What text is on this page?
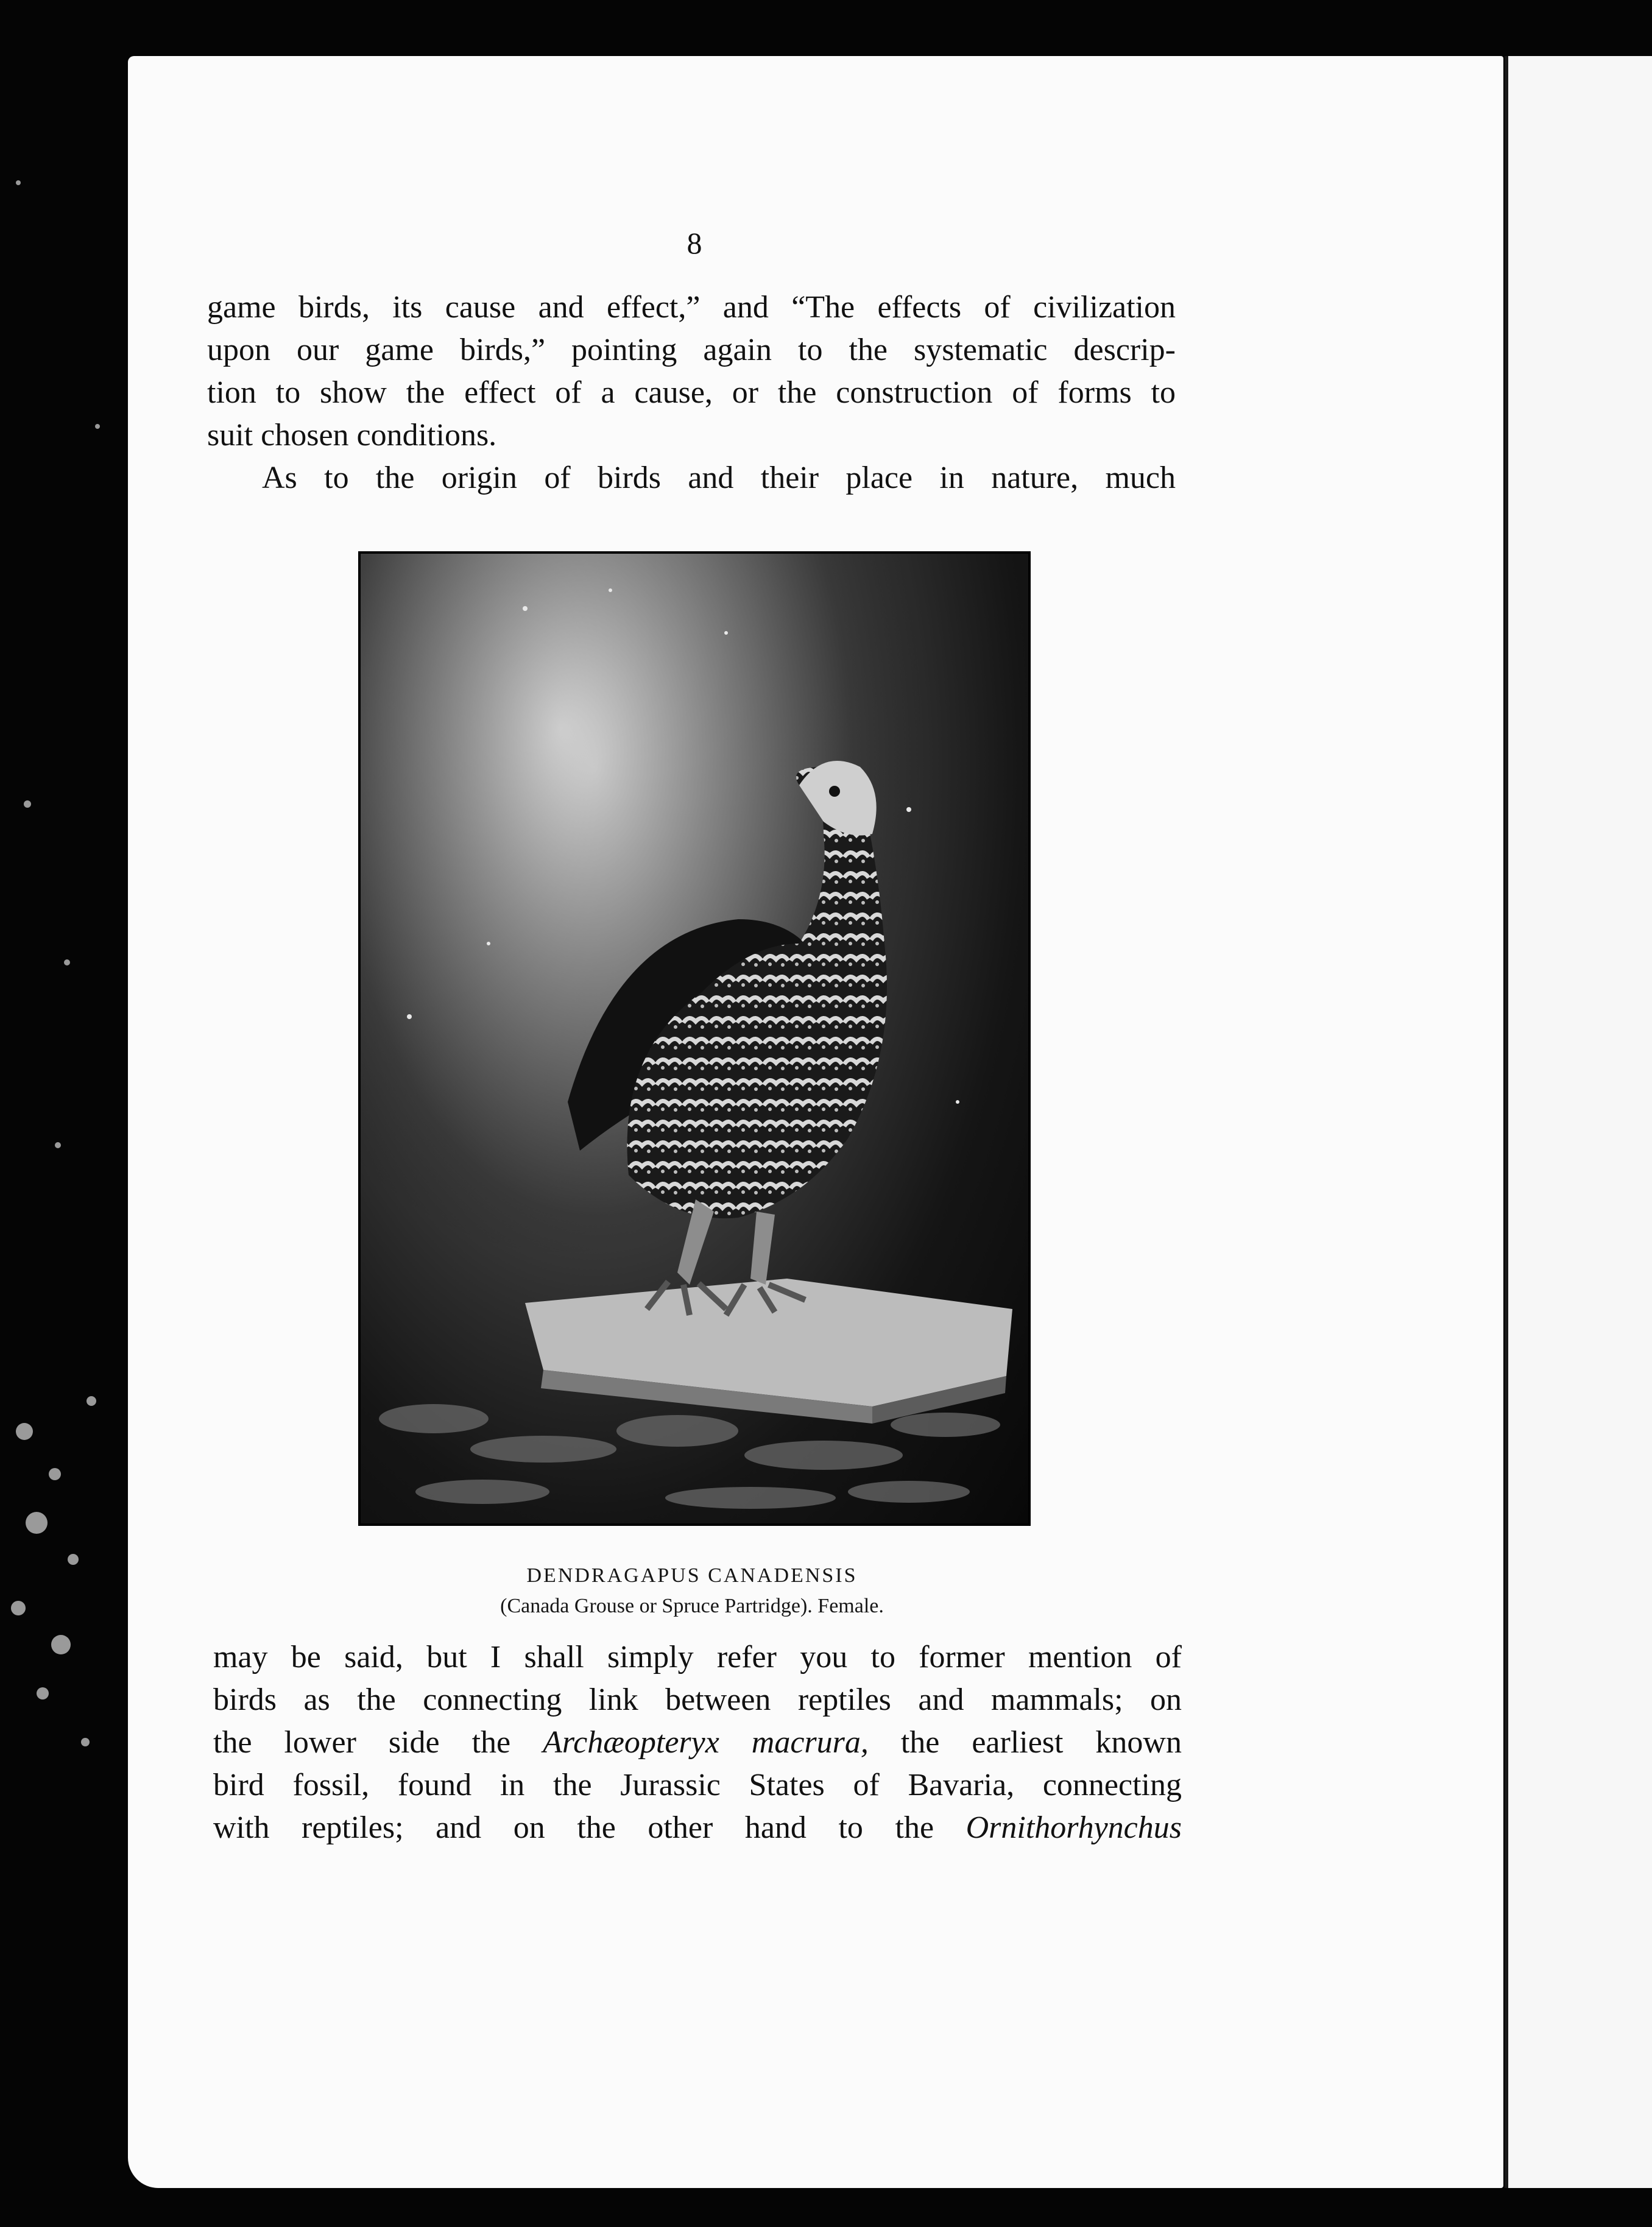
8

game birds, its cause and effect,” and “The effects of civilization
upon our game birds,” pointing again to the systematic descrip-
tion to show the effect of a cause, or the construction of forms to
suit chosen conditions.

As to the origin of birds and their place in nature, much

DENDRAGAPUS CANADENSIS
(Canada Grouse or Spruce Partridge). Female.

may be said, but I shall simply refer you to former mention of
birds as the connecting link between reptiles and mammals; on
the lower side the Archæopteryx macrura, the earliest known
bird fossil, found in the Jurassic States of Bavaria, connecting
with reptiles; and on the other hand to the Ornithorhynchus
